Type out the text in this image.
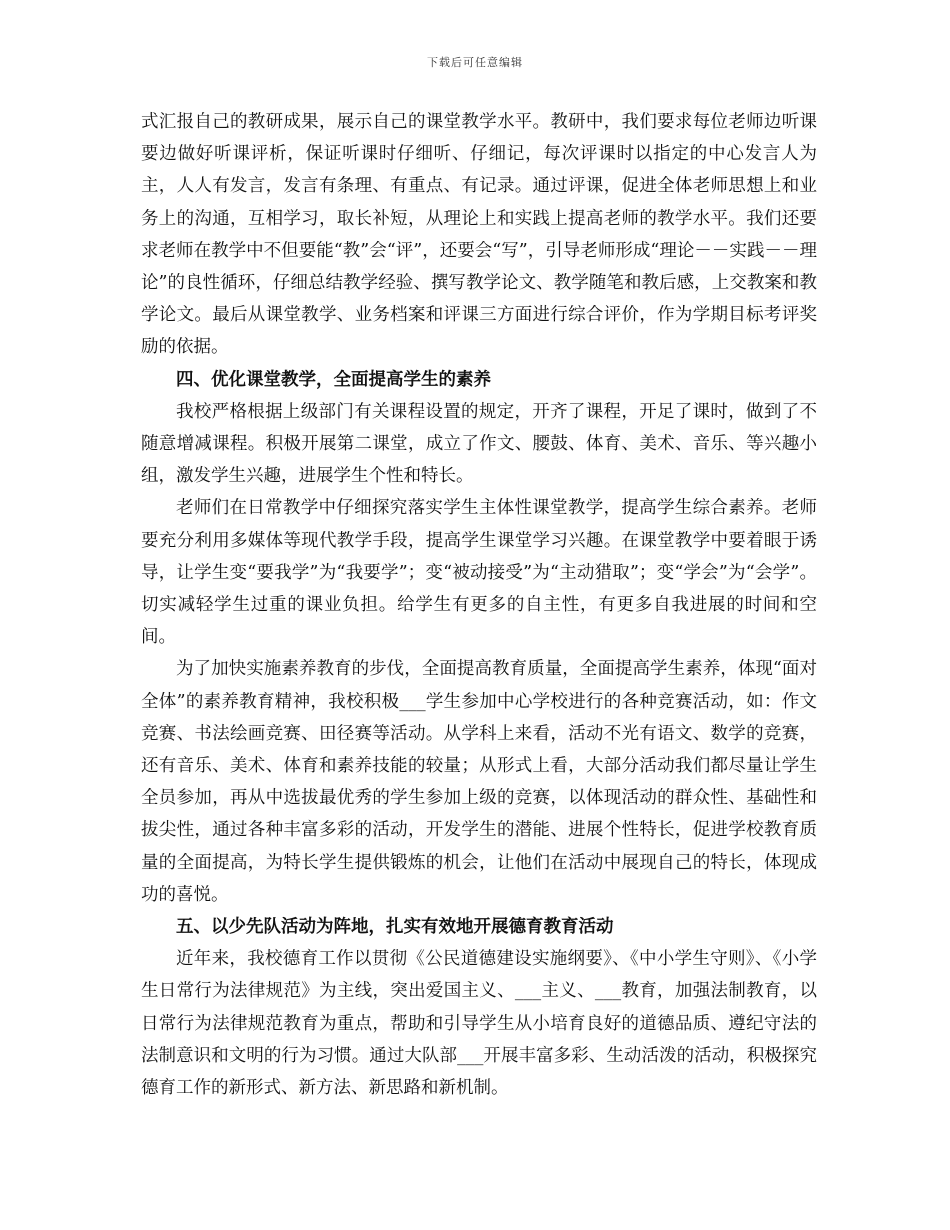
下载后可任意编辑

式汇报自己的教研成果，展示自己的课堂教学水平。教研中，我们要求每位老师边听课要边做好听课评析，保证听课时仔细听、仔细记，每次评课时以指定的中心发言人为主，人人有发言，发言有条理、有重点、有记录。通过评课，促进全体老师思想上和业务上的沟通，互相学习，取长补短，从理论上和实践上提高老师的教学水平。我们还要求老师在教学中不但要能“教”会“评”，还要会“写”，引导老师形成“理论－－实践－－理论”的良性循环，仔细总结教学经验、撰写教学论文、教学随笔和教后感，上交教案和教学论文。最后从课堂教学、业务档案和评课三方面进行综合评价，作为学期目标考评奖励的依据。

四、优化课堂教学，全面提高学生的素养

我校严格根据上级部门有关课程设置的规定，开齐了课程，开足了课时，做到了不随意增减课程。积极开展第二课堂，成立了作文、腰鼓、体育、美术、音乐、等兴趣小组，激发学生兴趣，进展学生个性和特长。

老师们在日常教学中仔细探究落实学生主体性课堂教学，提高学生综合素养。老师要充分利用多媒体等现代教学手段，提高学生课堂学习兴趣。在课堂教学中要着眼于诱导，让学生变“要我学”为“我要学”；变“被动接受”为“主动猎取”；变“学会”为“会学”。切实减轻学生过重的课业负担。给学生有更多的自主性，有更多自我进展的时间和空间。

为了加快实施素养教育的步伐，全面提高教育质量，全面提高学生素养，体现“面对全体”的素养教育精神，我校积极___学生参加中心学校进行的各种竞赛活动，如：作文竞赛、书法绘画竞赛、田径赛等活动。从学科上来看，活动不光有语文、数学的竞赛，还有音乐、美术、体育和素养技能的较量；从形式上看，大部分活动我们都尽量让学生全员参加，再从中选拔最优秀的学生参加上级的竞赛，以体现活动的群众性、基础性和拔尖性，通过各种丰富多彩的活动，开发学生的潜能、进展个性特长，促进学校教育质量的全面提高，为特长学生提供锻炼的机会，让他们在活动中展现自己的特长，体现成功的喜悦。

五、以少先队活动为阵地，扎实有效地开展德育教育活动

近年来，我校德育工作以贯彻《公民道德建设实施纲要》、《中小学生守则》、《小学生日常行为法律规范》为主线，突出爱国主义、___主义、___教育，加强法制教育，以日常行为法律规范教育为重点，帮助和引导学生从小培育良好的道德品质、遵纪守法的法制意识和文明的行为习惯。通过大队部___开展丰富多彩、生动活泼的活动，积极探究德育工作的新形式、新方法、新思路和新机制。
